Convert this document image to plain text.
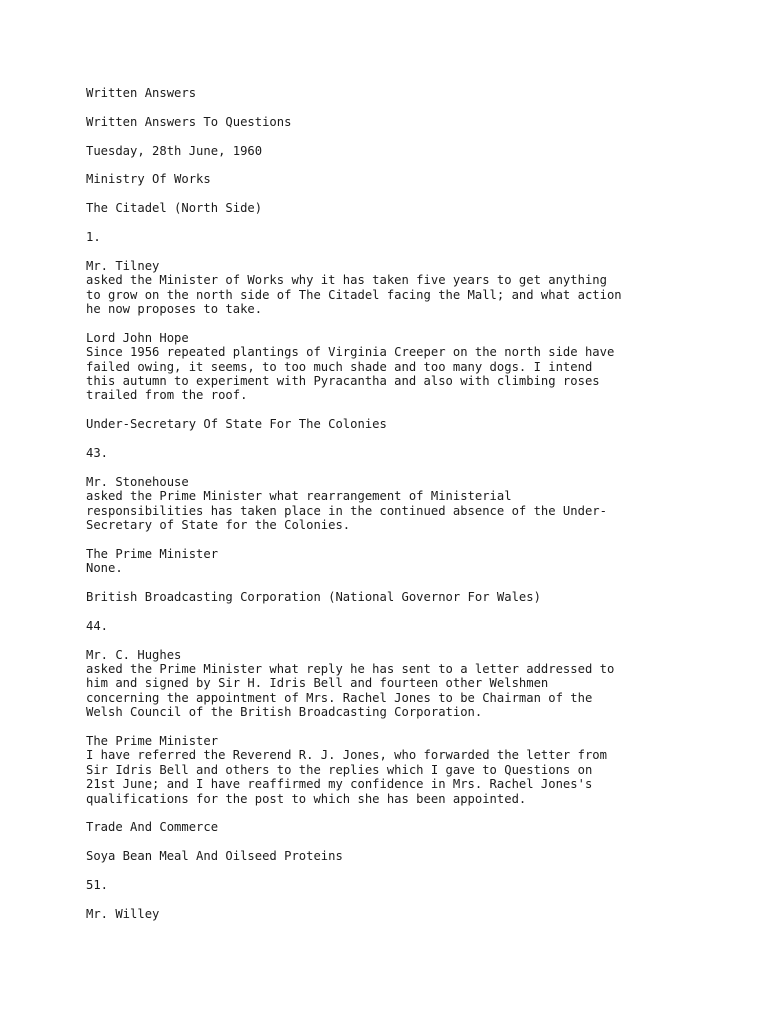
Written Answers
Written Answers To Questions
Tuesday, 28th June, 1960
Ministry Of Works
The Citadel (North Side)
1.
Mr. Tilney
asked the Minister of Works why it has taken five years to get anything
to grow on the north side of The Citadel facing the Mall; and what action
he now proposes to take.
Lord John Hope
Since 1956 repeated plantings of Virginia Creeper on the north side have
failed owing, it seems, to too much shade and too many dogs. I intend
this autumn to experiment with Pyracantha and also with climbing roses
trailed from the roof.
Under-Secretary Of State For The Colonies
43.
Mr. Stonehouse
asked the Prime Minister what rearrangement of Ministerial
responsibilities has taken place in the continued absence of the Under-
Secretary of State for the Colonies.
The Prime Minister
None.
British Broadcasting Corporation (National Governor For Wales)
44.
Mr. C. Hughes
asked the Prime Minister what reply he has sent to a letter addressed to
him and signed by Sir H. Idris Bell and fourteen other Welshmen
concerning the appointment of Mrs. Rachel Jones to be Chairman of the
Welsh Council of the British Broadcasting Corporation.
The Prime Minister
I have referred the Reverend R. J. Jones, who forwarded the letter from
Sir Idris Bell and others to the replies which I gave to Questions on
21st June; and I have reaffirmed my confidence in Mrs. Rachel Jones's
qualifications for the post to which she has been appointed.
Trade And Commerce
Soya Bean Meal And Oilseed Proteins
51.
Mr. Willey
